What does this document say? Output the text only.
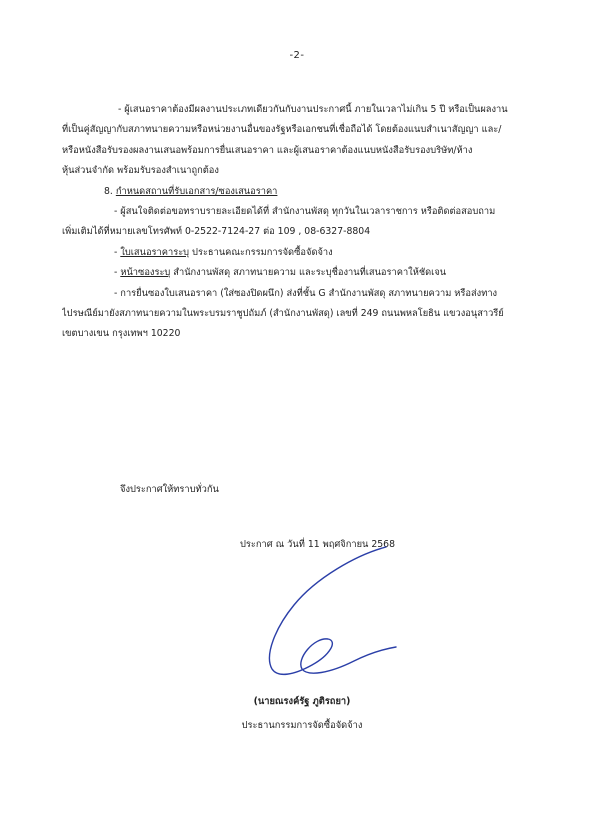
-2-
- ผู้เสนอราคาต้องมีผลงานประเภทเดียวกันกับงานประกาศนี้ ภายในเวลาไม่เกิน 5 ปี หรือเป็นผลงาน
ที่เป็นคู่สัญญากับสภาทนายความหรือหน่วยงานอื่นของรัฐหรือเอกชนที่เชื่อถือได้ โดยต้องแนบสำเนาสัญญา และ/
หรือหนังสือรับรองผลงานเสนอพร้อมการยื่นเสนอราคา และผู้เสนอราคาต้องแนบหนังสือรับรองบริษัท/ห้าง
หุ้นส่วนจำกัด พร้อมรับรองสำเนาถูกต้อง
8. กำหนดสถานที่รับเอกสาร/ซองเสนอราคา
- ผู้สนใจติดต่อขอทราบรายละเอียดได้ที่ สำนักงานพัสดุ ทุกวันในเวลาราชการ หรือติดต่อสอบถาม
เพิ่มเติมได้ที่หมายเลขโทรศัพท์ 0-2522-7124-27 ต่อ 109 , 08-6327-8804
- ใบเสนอราคาระบุ ประธานคณะกรรมการจัดซื้อจัดจ้าง
- หน้าซองระบุ สำนักงานพัสดุ สภาทนายความ และระบุชื่องานที่เสนอราคาให้ชัดเจน
- การยื่นซองใบเสนอราคา (ใส่ซองปิดผนึก) ส่งที่ชั้น G สำนักงานพัสดุ สภาทนายความ หรือส่งทาง
ไปรษณีย์มายังสภาทนายความในพระบรมราชูปถัมภ์ (สำนักงานพัสดุ) เลขที่ 249 ถนนพหลโยธิน แขวงอนุสาวรีย์
เขตบางเขน กรุงเทพฯ 10220
จึงประกาศให้ทราบทั่วกัน
ประกาศ ณ วันที่ 11 พฤศจิกายน 2568
(นายณรงค์รัฐ ภูติรถยา)
ประธานกรรมการจัดซื้อจัดจ้าง
